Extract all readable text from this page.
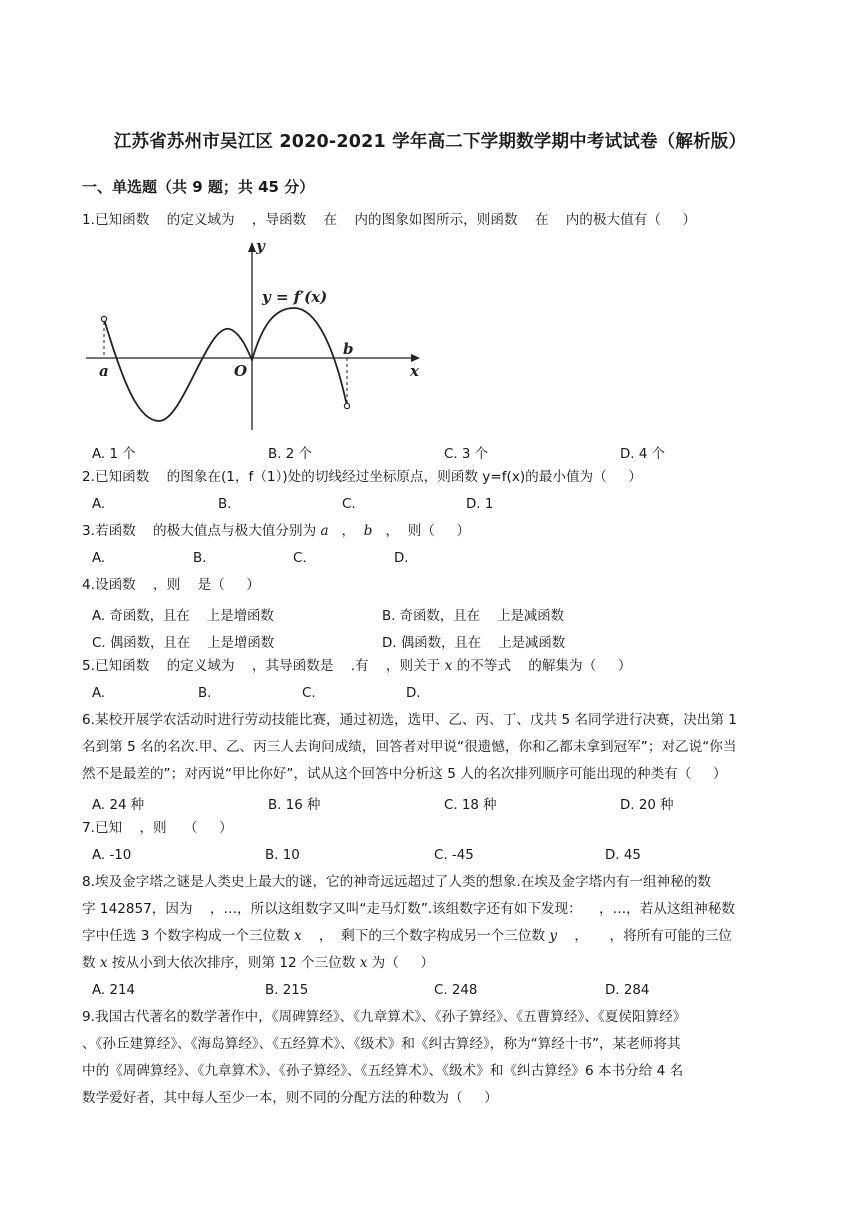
江苏省苏州市吴江区 2020-2021 学年高二下学期数学期中考试试卷（解析版）
一、单选题（共 9 题；共 45 分）
1.已知函数    的定义域为    ，导函数    在    内的图象如图所示，则函数    在    内的极大值有（     ）
y
x
O
a
b
y = f′(x)
A. 1 个	B. 2 个	C. 3 个	D. 4 个
2.已知函数    的图象在(1，f（1）)处的切线经过坐标原点，则函数 y=f(x)的最小值为（     ）
A.	B.	C.	D. 1
3.若函数    的极大值点与极大值分别为 a   ，  b   ，  则（     ）
A.	B.	C.	D.
4.设函数    ，则    是（     ）
A. 奇函数，且在    上是增函数	B. 奇函数，且在    上是减函数
C. 偶函数，且在    上是增函数	D. 偶函数，且在    上是减函数
5.已知函数    的定义域为    ，其导函数是    .有    ，则关于 x 的不等式    的解集为（     ）
A.	B.	C.	D.
6.某校开展学农活动时进行劳动技能比赛，通过初选，选甲、乙、丙、丁、戊共 5 名同学进行决赛，决出第 1
名到第 5 名的名次.甲、乙、丙三人去询问成绩，回答者对甲说“很遗憾，你和乙都未拿到冠军”；对乙说“你当
然不是最差的”；对丙说“甲比你好”，试从这个回答中分析这 5 人的名次排列顺序可能出现的种类有（     ）
A. 24 种	B. 16 种	C. 18 种	D. 20 种
7.已知    ，则    （     ）
A. -10	B. 10	C. -45	D. 45
8.埃及金字塔之谜是人类史上最大的谜，它的神奇远远超过了人类的想象.在埃及金字塔内有一组神秘的数
字 142857，因为    ，…，所以这组数字又叫“走马灯数”.该组数字还有如下发现：    ，…，若从这组神秘数
字中任选 3 个数字构成一个三位数 x    ，  剩下的三个数字构成另一个三位数 y    ，     ，将所有可能的三位
数 x 按从小到大依次排序，则第 12 个三位数 x 为（     ）
A. 214	B. 215	C. 248	D. 284
9.我国古代著名的数学著作中，《周碑算经》、《九章算术》、《孙子算经》、《五曹算经》、《夏侯阳算经》
、《孙丘建算经》、《海岛算经》、《五经算术》、《级术》和《纠古算经》，称为“算经十书”，某老师将其
中的《周碑算经》、《九章算术》、《孙子算经》、《五经算术》、《级术》和《纠古算经》6 本书分给 4 名
数学爱好者，其中每人至少一本，则不同的分配方法的种数为（     ）
